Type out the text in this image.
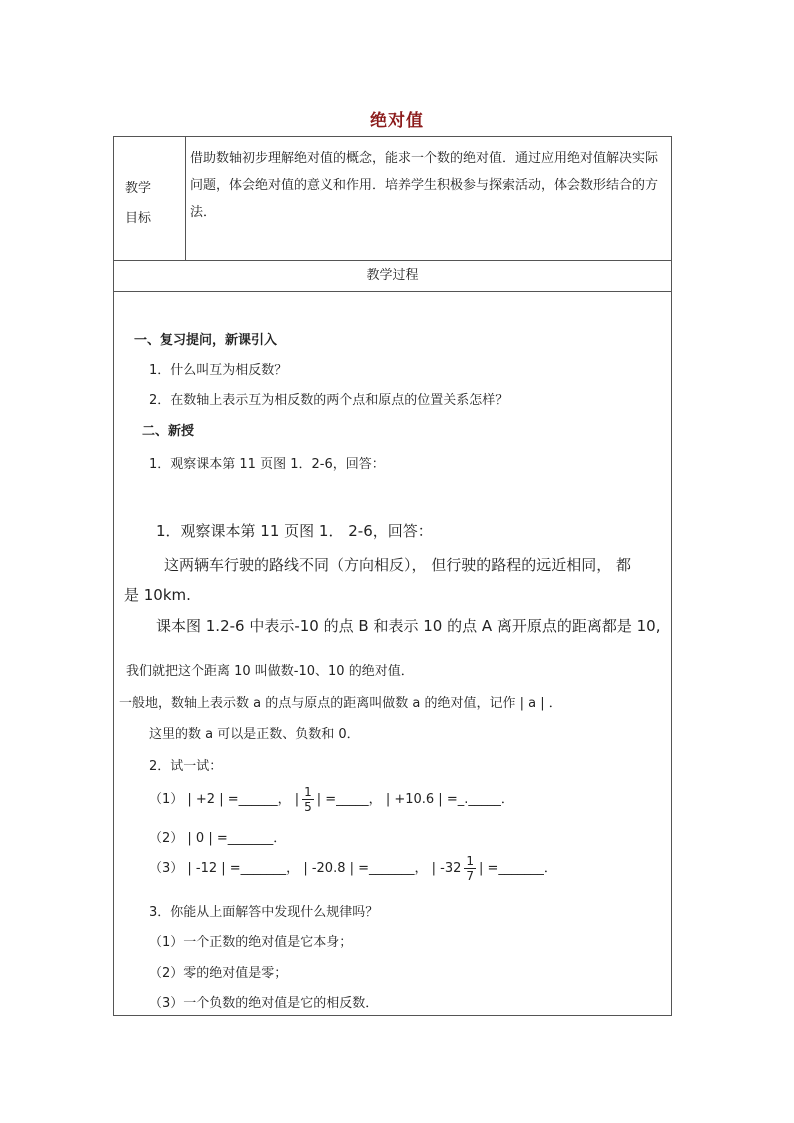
绝对值
教学
目标
借助数轴初步理解绝对值的概念，能求一个数的绝对值．通过应用绝对值解决实际问题，体会绝对值的意义和作用．培养学生积极参与探索活动，体会数形结合的方法．
教学过程
一、复习提问，新课引入
1．什么叫互为相反数？
2．在数轴上表示互为相反数的两个点和原点的位置关系怎样？
二、新授
1．观察课本第 11 页图 1．2-6，回答：
1．观察课本第 11 页图 1． 2-6，回答：
这两辆车行驶的路线不同（方向相反）， 但行驶的路程的远近相同， 都
是 10km.
课本图 1.2-6 中表示-10 的点 B 和表示 10 的点 A 离开原点的距离都是 10,
我们就把这个距离 10 叫做数-10、10 的绝对值．
一般地，数轴上表示数 a 的点与原点的距离叫做数 a 的绝对值，记作 | a | ．
这里的数 a 可以是正数、负数和 0．
2．试一试：
（1） | +2 | =______， | $\frac{1}{5}$ | =_____， | +10.6 | =_._____．
（2） | 0 | =_______．
（3） | -12 | =_______， | -20.8 | =_______， | $-32 \frac{1}{7}$ | =_______．
3．你能从上面解答中发现什么规律吗？
（1）一个正数的绝对值是它本身；
（2）零的绝对值是零；
（3）一个负数的绝对值是它的相反数．
